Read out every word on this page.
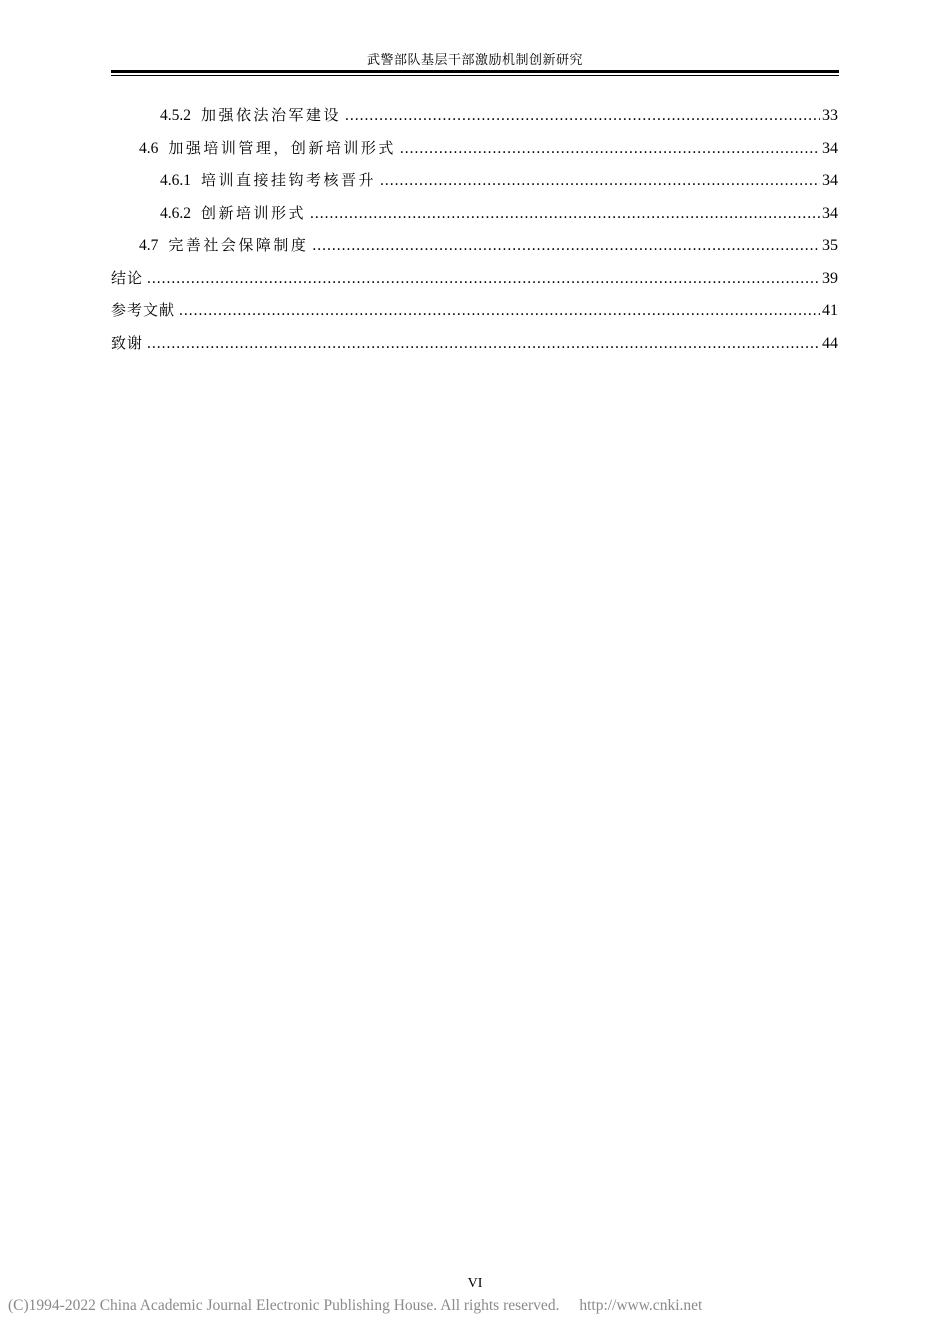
武警部队基层干部激励机制创新研究
4.5.2 加强依法治军建设 .....	33
4.6 加强培训管理，创新培训形式 .....	34
4.6.1 培训直接挂钩考核晋升 .....	34
4.6.2 创新培训形式 .....	34
4.7 完善社会保障制度 .....	35
结论 .....	39
参考文献 .....	41
致谢 .....	44
VI
(C)1994-2022 China Academic Journal Electronic Publishing House. All rights reserved. http://www.cnki.net
